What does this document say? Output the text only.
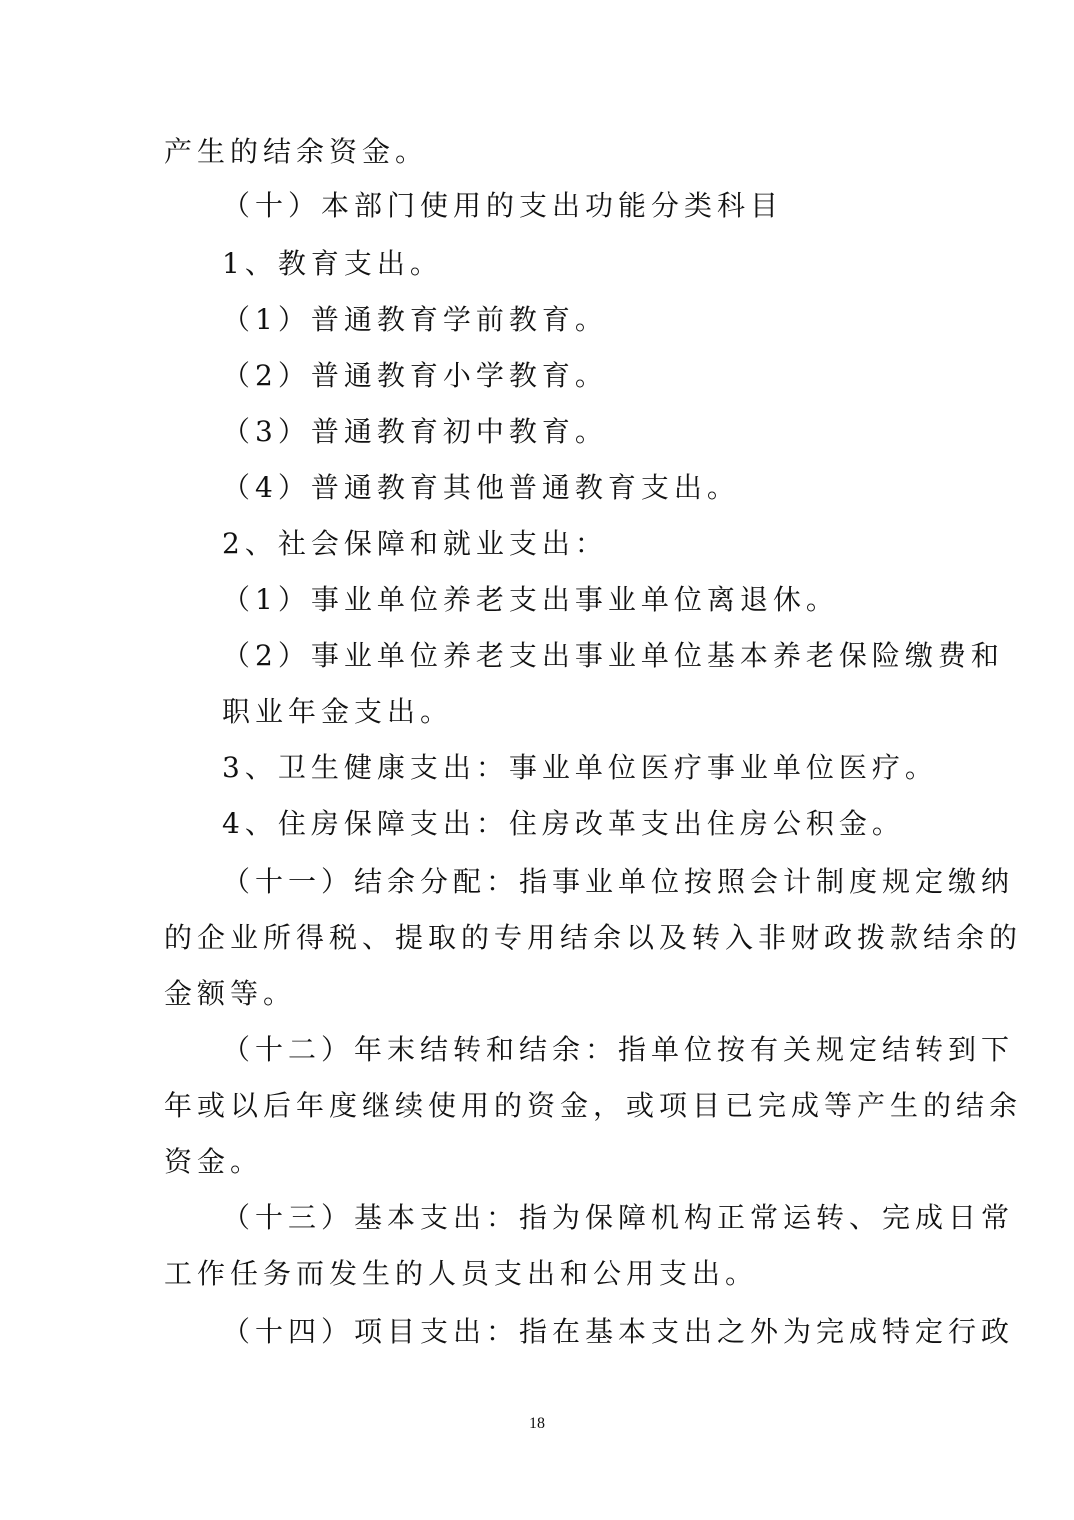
产生的结余资金。
（十）本部门使用的支出功能分类科目
1、教育支出。
（1）普通教育学前教育。
（2）普通教育小学教育。
（3）普通教育初中教育。
（4）普通教育其他普通教育支出。
2、社会保障和就业支出：
（1）事业单位养老支出事业单位离退休。
（2）事业单位养老支出事业单位基本养老保险缴费和
职业年金支出。
3、卫生健康支出：事业单位医疗事业单位医疗。
4、住房保障支出：住房改革支出住房公积金。
（十一）结余分配：指事业单位按照会计制度规定缴纳
的企业所得税、提取的专用结余以及转入非财政拨款结余的
金额等。
（十二）年末结转和结余：指单位按有关规定结转到下
年或以后年度继续使用的资金，或项目已完成等产生的结余
资金。
（十三）基本支出：指为保障机构正常运转、完成日常
工作任务而发生的人员支出和公用支出。
（十四）项目支出：指在基本支出之外为完成特定行政
18
